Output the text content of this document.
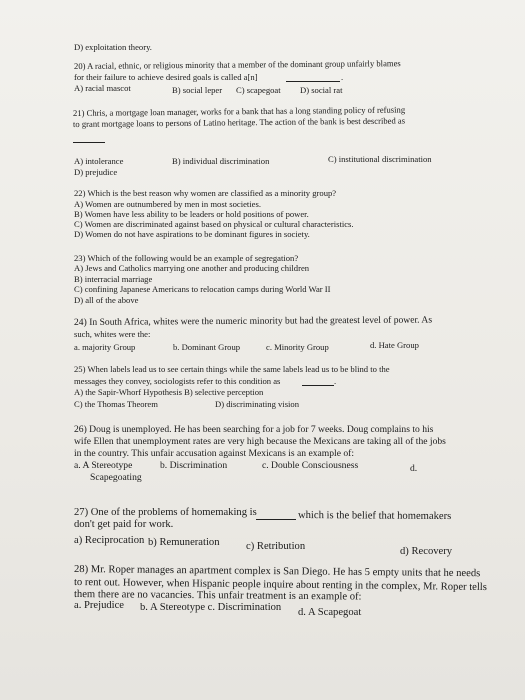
D) exploitation theory.
20) A racial, ethnic, or religious minority that a member of the dominant group unfairly blames
for their failure to achieve desired goals is called a[n]	.
A) racial mascot	B) social leper C) scapegoat D) social rat
21) Chris, a mortgage loan manager, works for a bank that has a long standing policy of refusing
to grant mortgage loans to persons of Latino heritage. The action of the bank is best described as
A) intolerance	B) individual discrimination	C) institutional discrimination
D) prejudice
22) Which is the best reason why women are classified as a minority group?
A) Women are outnumbered by men in most societies.
B) Women have less ability to be leaders or hold positions of power.
C) Women are discriminated against based on physical or cultural characteristics.
D) Women do not have aspirations to be dominant figures in society.
23) Which of the following would be an example of segregation?
A) Jews and Catholics marrying one another and producing children
B) interracial marriage
C) confining Japanese Americans to relocation camps during World War II
D) all of the above
24) In South Africa, whites were the numeric minority but had the greatest level of power. As
such, whites were the:
a. majority Group	b. Dominant Group	c. Minority Group	d. Hate Group
25) When labels lead us to see certain things while the same labels lead us to be blind to the
messages they convey, sociologists refer to this condition as	.
A) the Sapir-Whorf Hypothesis B) selective perception
C) the Thomas Theorem	D) discriminating vision
26) Doug is unemployed. He has been searching for a job for 7 weeks. Doug complains to his
wife Ellen that unemployment rates are very high because the Mexicans are taking all of the jobs
in the country. This unfair accusation against Mexicans is an example of:
a. A Stereotype	b. Discrimination	c. Double Consciousness	d.
Scapegoating
27) One of the problems of homemaking is	which is the belief that homemakers
don't get paid for work.
a) Reciprocation b) Remuneration	c) Retribution	d) Recovery
28) Mr. Roper manages an apartment complex is San Diego. He has 5 empty units that he needs
to rent out. However, when Hispanic people inquire about renting in the complex, Mr. Roper tells
them there are no vacancies. This unfair treatment is an example of:
a. Prejudice b. A Stereotype c. Discrimination d. A Scapegoat
